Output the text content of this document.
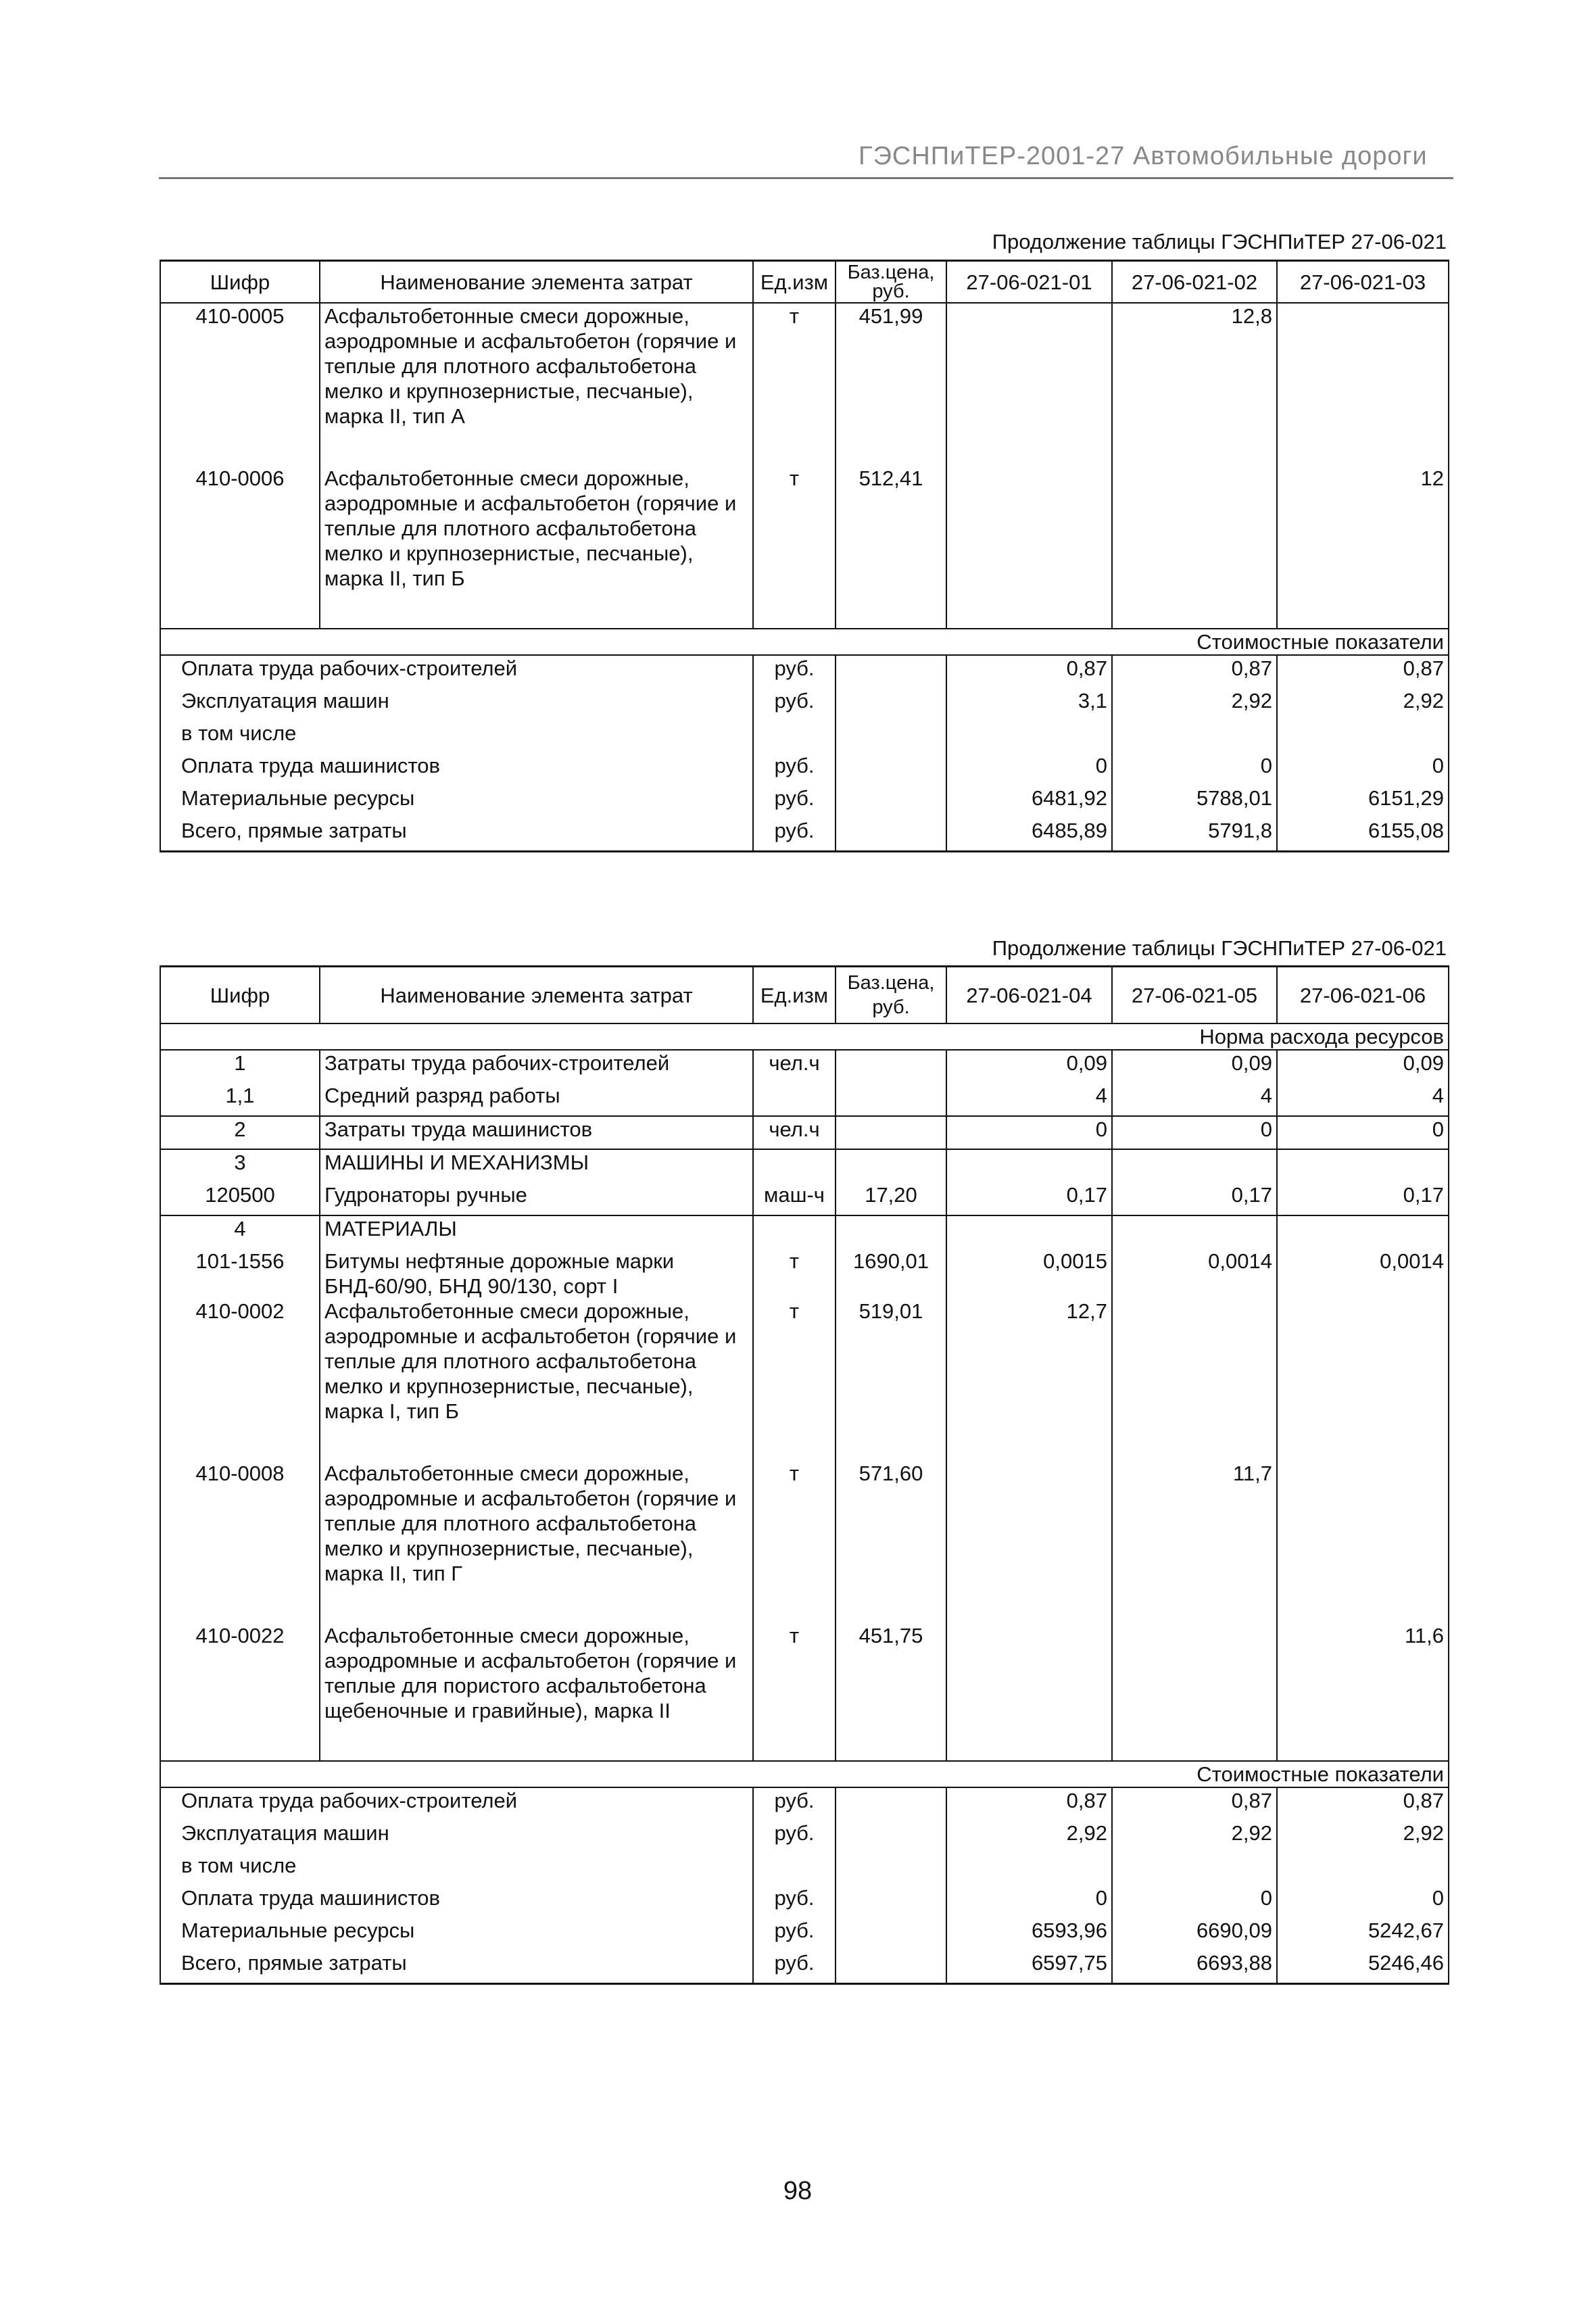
ГЭСНПиТЕР-2001-27 Автомобильные дороги
Продолжение таблицы ГЭСНПиТЕР 27-06-021
Шифр	Наименование элемента затрат	Ед.изм	Баз.цена, руб.	27-06-021-01	27-06-021-02	27-06-021-03
410-0005	Асфальтобетонные смеси дорожные, аэродромные и асфальтобетон (горячие и теплые для плотного асфальтобетона мелко и крупнозернистые, песчаные), марка II, тип А	т	451,99		12,8	

410-0006	Асфальтобетонные смеси дорожные, аэродромные и асфальтобетон (горячие и теплые для плотного асфальтобетона мелко и крупнозернистые, песчаные), марка II, тип Б	т	512,41			12

Стоимостные показатели						
Оплата труда рабочих-строителей		руб.		0,87	0,87	0,87
Эксплуатация машин		руб.		3,1	2,92	2,92
в том числе						
Оплата труда машинистов		руб.		0	0	0
Материальные ресурсы		руб.		6481,92	5788,01	6151,29
Всего, прямые затраты		руб.		6485,89	5791,8	6155,08
Продолжение таблицы ГЭСНПиТЕР 27-06-021
Шифр	Наименование элемента затрат	Ед.изм	Баз.цена, руб.	27-06-021-04	27-06-021-05	27-06-021-06
Норма расхода ресурсов						
1	Затраты труда рабочих-строителей	чел.ч		0,09	0,09	0,09
1,1	Средний разряд работы			4	4	4
2	Затраты труда машинистов	чел.ч		0	0	0
3	МАШИНЫ И МЕХАНИЗМЫ					
120500	Гудронаторы ручные	маш-ч	17,20	0,17	0,17	0,17
4	МАТЕРИАЛЫ					
101-1556	Битумы нефтяные дорожные марки БНД-60/90, БНД 90/130, сорт I	т	1690,01	0,0015	0,0014	0,0014
410-0002	Асфальтобетонные смеси дорожные, аэродромные и асфальтобетон (горячие и теплые для плотного асфальтобетона мелко и крупнозернистые, песчаные), марка I, тип Б	т	519,01	12,7		

410-0008	Асфальтобетонные смеси дорожные, аэродромные и асфальтобетон (горячие и теплые для плотного асфальтобетона мелко и крупнозернистые, песчаные), марка II, тип Г	т	571,60		11,7	

410-0022	Асфальтобетонные смеси дорожные, аэродромные и асфальтобетон (горячие и теплые для пористого асфальтобетона щебеночные и гравийные), марка II	т	451,75			11,6

Стоимостные показатели						
Оплата труда рабочих-строителей		руб.		0,87	0,87	0,87
Эксплуатация машин		руб.		2,92	2,92	2,92
в том числе						
Оплата труда машинистов		руб.		0	0	0
Материальные ресурсы		руб.		6593,96	6690,09	5242,67
Всего, прямые затраты		руб.		6597,75	6693,88	5246,46
98
